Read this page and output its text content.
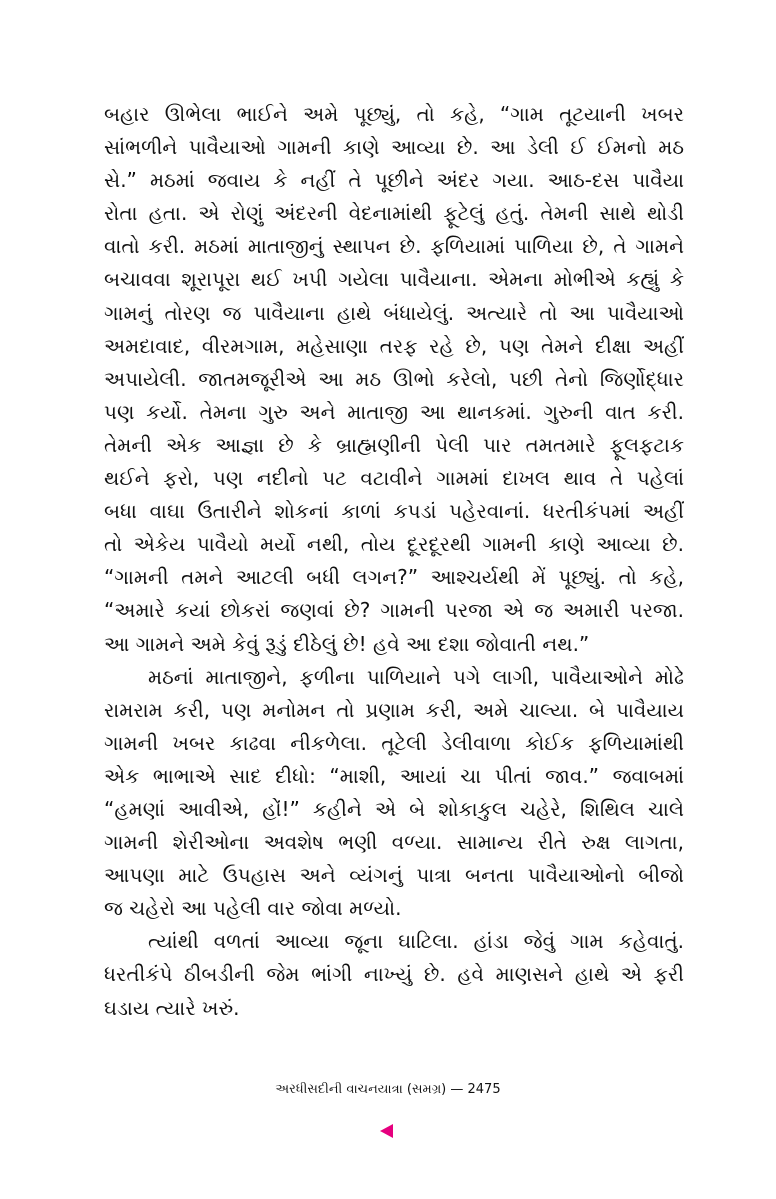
બહાર ઊભેલા ભાઈને અમે પૂછ્યું, તો કહે, “ગામ તૂટયાની ખબર
સાંભળીને પાવૈયાઓ ગામની કાણે આવ્યા છે. આ ડેલી ઈ ઈમનો મઠ
સે.” મઠમાં જવાય કે નહીં તે પૂછીને અંદર ગયા. આઠ-દસ પાવૈયા
રોતા હતા. એ રોણું અંદરની વેદનામાંથી ફૂટેલું હતું. તેમની સાથે થોડી
વાતો કરી. મઠમાં માતાજીનું સ્થાપન છે. ફળિયામાં પાળિયા છે, તે ગામને
બચાવવા શૂરાપૂરા થઈ ખપી ગયેલા પાવૈયાના. એમના મોભીએ કહ્યું કે
ગામનું તોરણ જ પાવૈયાના હાથે બંધાયેલું. અત્યારે તો આ પાવૈયાઓ
અમદાવાદ, વીરમગામ, મહેસાણા તરફ રહે છે, પણ તેમને દીક્ષા અહીં
અપાયેલી. જાતમજૂરીએ આ મઠ ઊભો કરેલો, પછી તેનો જિર્ણોદ્ધાર
પણ કર્યો. તેમના ગુરુ અને માતાજી આ થાનકમાં. ગુરુની વાત કરી.
તેમની એક આજ્ઞા છે કે બ્રાહ્મણીની પેલી પાર તમતમારે ફૂલફટાક
થઈને ફરો, પણ નદીનો પટ વટાવીને ગામમાં દાખલ થાવ તે પહેલાં
બધા વાઘા ઉતારીને શોકનાં કાળાં કપડાં પહેરવાનાં. ધરતીકંપમાં અહીં
તો એકેય પાવૈયો મર્યો નથી, તોય દૂરદૂરથી ગામની કાણે આવ્યા છે.
“ગામની તમને આટલી બધી લગન?” આશ્ચર્યથી મેં પૂછ્યું. તો કહે,
“અમારે કયાં છોકરાં જણવાં છે? ગામની પરજા એ જ અમારી પરજા.
આ ગામને અમે કેવું રૂડું દીઠેલું છે! હવે આ દશા જોવાતી નથ.”
મઠનાં માતાજીને, ફળીના પાળિયાને પગે લાગી, પાવૈયાઓને મોઢે
રામરામ કરી, પણ મનોમન તો પ્રણામ કરી, અમે ચાલ્યા. બે પાવૈયાય
ગામની ખબર કાઢવા નીકળેલા. તૂટેલી ડેલીવાળા કોઈક ફળિયામાંથી
એક ભાભાએ સાદ દીધો: “માશી, આયાં ચા પીતાં જાવ.” જવાબમાં
“હમણાં આવીએ, હોં!” કહીને એ બે શોકાકુલ ચહેરે, શિથિલ ચાલે
ગામની શેરીઓના અવશેષ ભણી વળ્યા. સામાન્ય રીતે રુક્ષ લાગતા,
આપણા માટે ઉપહાસ અને વ્યંગનું પાત્રા બનતા પાવૈયાઓનો બીજો
જ ચહેરો આ પહેલી વાર જોવા મળ્યો.
ત્યાંથી વળતાં આવ્યા જૂના ઘાટિલા. હાંડા જેવું ગામ કહેવાતું.
ધરતીકંપે ઠીબડીની જેમ ભાંગી નાખ્યું છે. હવે માણસને હાથે એ ફરી
ઘડાય ત્યારે ખરું.
અરધીસદીની વાચનયાત્રા (સમગ્ર) — 2475
